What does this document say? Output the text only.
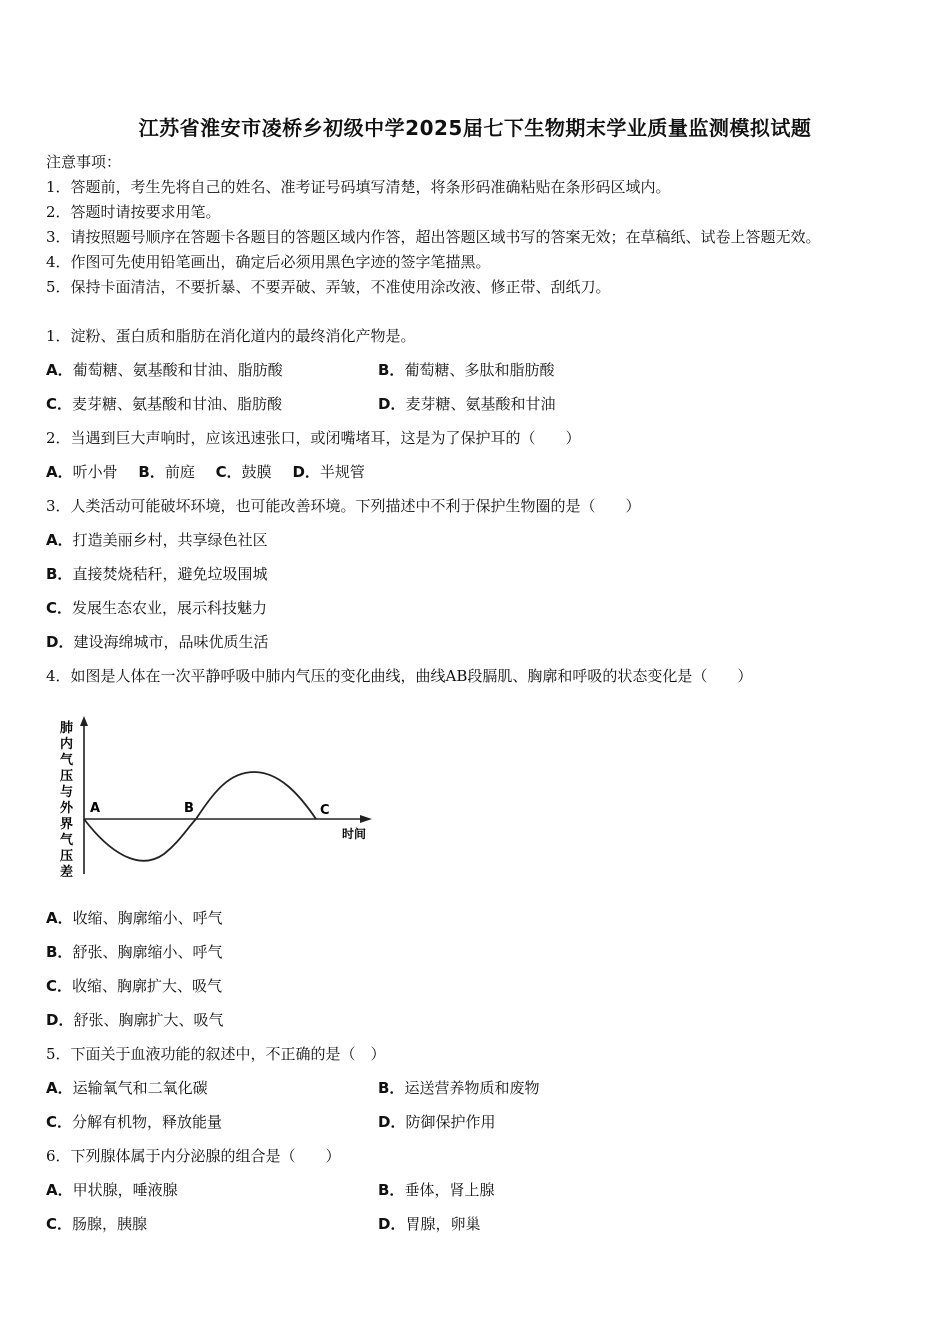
江苏省淮安市凌桥乡初级中学2025届七下生物期末学业质量监测模拟试题
注意事项：
1．答题前，考生先将自己的姓名、准考证号码填写清楚，将条形码准确粘贴在条形码区域内。
2．答题时请按要求用笔。
3．请按照题号顺序在答题卡各题目的答题区域内作答，超出答题区域书写的答案无效；在草稿纸、试卷上答题无效。
4．作图可先使用铅笔画出，确定后必须用黑色字迹的签字笔描黑。
5．保持卡面清洁，不要折暴、不要弄破、弄皱，不准使用涂改液、修正带、刮纸刀。
1．淀粉、蛋白质和脂肪在消化道内的最终消化产物是。
A．葡萄糖、氨基酸和甘油、脂肪酸	B．葡萄糖、多肽和脂肪酸
C．麦芽糖、氨基酸和甘油、脂肪酸	D．麦芽糖、氨基酸和甘油
2．当遇到巨大声响时，应该迅速张口，或闭嘴堵耳，这是为了保护耳的（　　）
A．听小骨 B．前庭 C．鼓膜 D．半规管
3．人类活动可能破坏环境，也可能改善环境。下列描述中不利于保护生物圈的是（　　）
A．打造美丽乡村，共享绿色社区
B．直接焚烧秸秆，避免垃圾围城
C．发展生态农业，展示科技魅力
D．建设海绵城市，品味优质生活
4．如图是人体在一次平静呼吸中肺内气压的变化曲线，曲线AB段膈肌、胸廓和呼吸的状态变化是（　　）
肺
内
气
压
与
外
界
气
压
差
A	B	C
时间
A．收缩、胸廓缩小、呼气
B．舒张、胸廓缩小、呼气
C．收缩、胸廓扩大、吸气
D．舒张、胸廓扩大、吸气
5．下面关于血液功能的叙述中，不正确的是（　）
A．运输氧气和二氧化碳	B．运送营养物质和废物
C．分解有机物，释放能量	D．防御保护作用
6．下列腺体属于内分泌腺的组合是（　　）
A．甲状腺，唾液腺	B．垂体，肾上腺
C．肠腺，胰腺	D．胃腺，卵巢
